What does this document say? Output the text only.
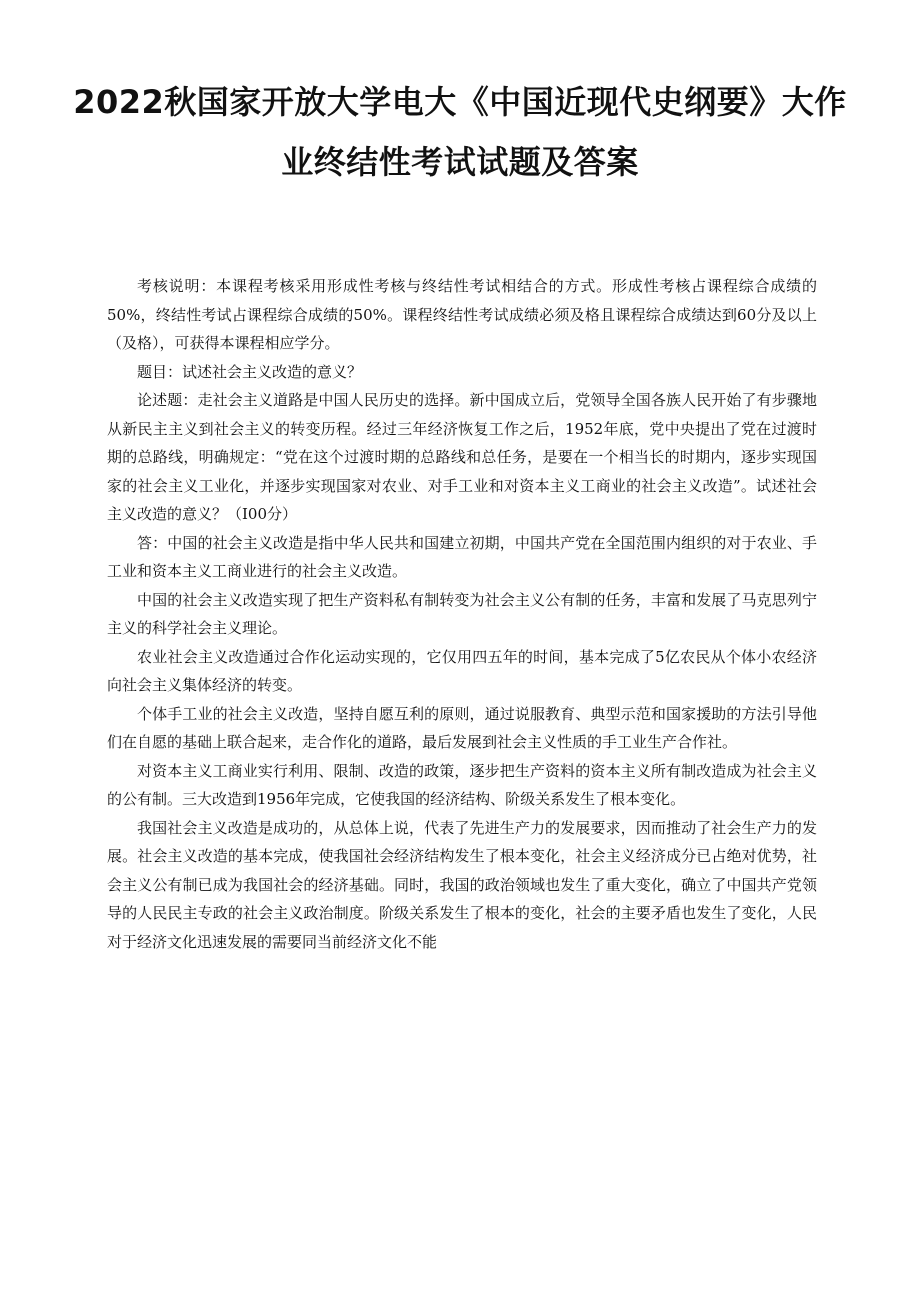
2022秋国家开放大学电大《中国近现代史纲要》大作业终结性考试试题及答案

考核说明：本课程考核采用形成性考核与终结性考试相结合的方式。形成性考核占课程综合成绩的50%，终结性考试占课程综合成绩的50%。课程终结性考试成绩必须及格且课程综合成绩达到60分及以上（及格），可获得本课程相应学分。

题目：试述社会主义改造的意义？

论述题：走社会主义道路是中国人民历史的选择。新中国成立后，党领导全国各族人民开始了有步骤地从新民主主义到社会主义的转变历程。经过三年经济恢复工作之后，1952年底，党中央提出了党在过渡时期的总路线，明确规定：“党在这个过渡时期的总路线和总任务，是要在一个相当长的时期内，逐步实现国家的社会主义工业化，并逐步实现国家对农业、对手工业和对资本主义工商业的社会主义改造”。试述社会主义改造的意义？（I00分）

答：中国的社会主义改造是指中华人民共和国建立初期，中国共产党在全国范围内组织的对于农业、手工业和资本主义工商业进行的社会主义改造。

中国的社会主义改造实现了把生产资料私有制转变为社会主义公有制的任务，丰富和发展了马克思列宁主义的科学社会主义理论。

农业社会主义改造通过合作化运动实现的，它仅用四五年的时间，基本完成了5亿农民从个体小农经济向社会主义集体经济的转变。

个体手工业的社会主义改造，坚持自愿互利的原则，通过说服教育、典型示范和国家援助的方法引导他们在自愿的基础上联合起来，走合作化的道路，最后发展到社会主义性质的手工业生产合作社。

对资本主义工商业实行利用、限制、改造的政策，逐步把生产资料的资本主义所有制改造成为社会主义的公有制。三大改造到1956年完成，它使我国的经济结构、阶级关系发生了根本变化。

我国社会主义改造是成功的，从总体上说，代表了先进生产力的发展要求，因而推动了社会生产力的发展。社会主义改造的基本完成，使我国社会经济结构发生了根本变化，社会主义经济成分已占绝对优势，社会主义公有制已成为我国社会的经济基础。同时，我国的政治领域也发生了重大变化，确立了中国共产党领导的人民民主专政的社会主义政治制度。阶级关系发生了根本的变化，社会的主要矛盾也发生了变化，人民对于经济文化迅速发展的需要同当前经济文化不能
